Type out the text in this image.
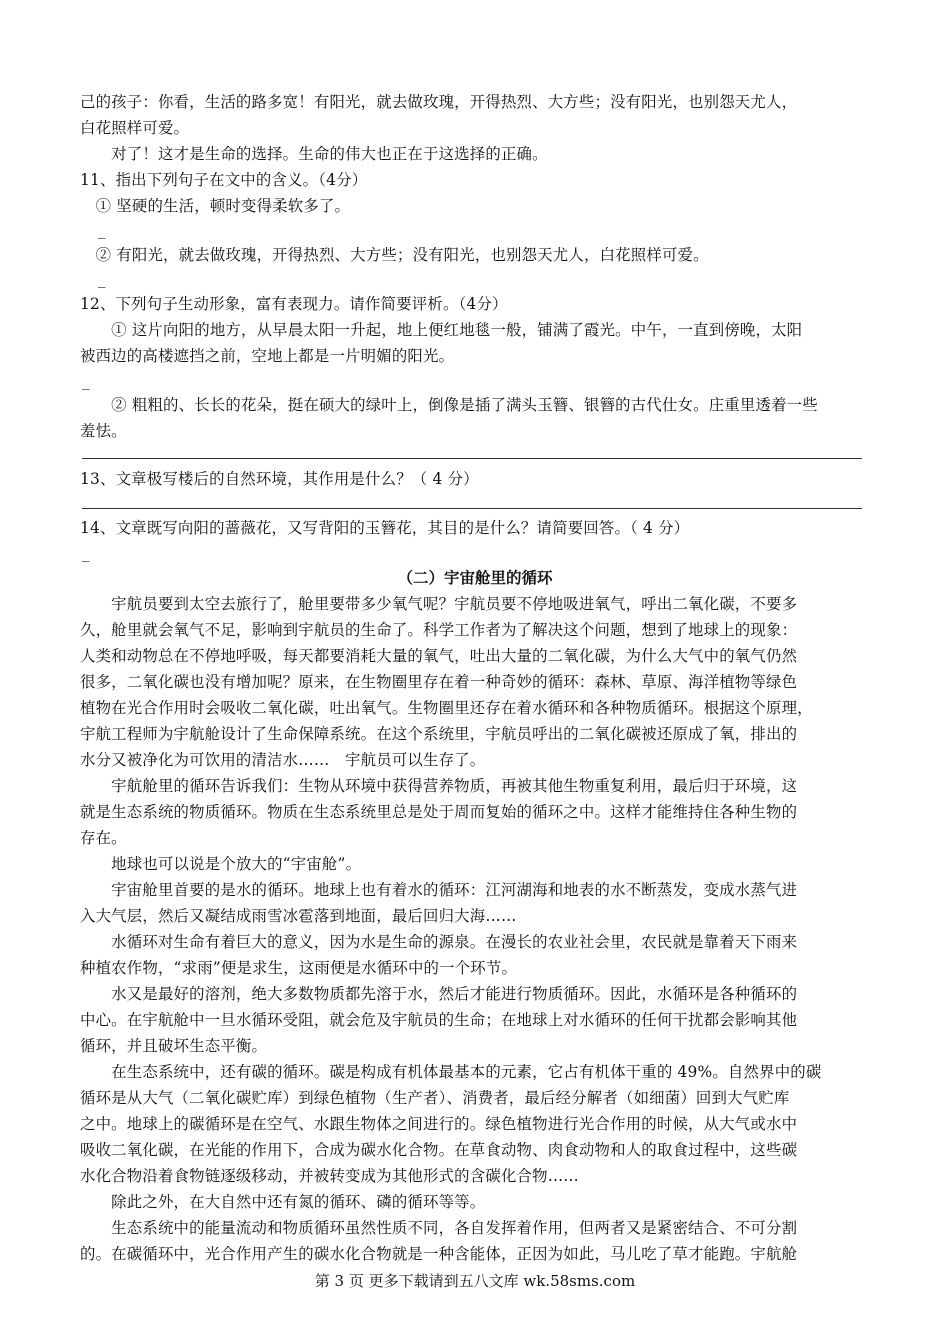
己的孩子：你看，生活的路多宽！有阳光，就去做玫瑰，开得热烈、大方些；没有阳光，也别怨天尤人，
白花照样可爱。
　　对了！这才是生命的选择。生命的伟大也正在于这选择的正确。
11、指出下列句子在文中的含义。（4分）
　① 坚硬的生活，顿时变得柔软多了。
_
　② 有阳光，就去做玫瑰，开得热烈、大方些；没有阳光，也别怨天尤人，白花照样可爱。
_
12、下列句子生动形象，富有表现力。请作简要评析。（4分）
　　① 这片向阳的地方，从早晨太阳一升起，地上便红地毯一般，铺满了霞光。中午，一直到傍晚，太阳
被西边的高楼遮挡之前，空地上都是一片明媚的阳光。
_
　　② 粗粗的、长长的花朵，挺在硕大的绿叶上，倒像是插了满头玉簪、银簪的古代仕女。庄重里透着一些
羞怯。
13、文章极写楼后的自然环境，其作用是什么？（ 4 分）
14、文章既写向阳的蔷薇花，又写背阳的玉簪花，其目的是什么？请简要回答。（ 4 分）
_
（二）宇宙舱里的循环
　　宇航员要到太空去旅行了，舱里要带多少氧气呢？宇航员要不停地吸进氧气，呼出二氧化碳，不要多
久，舱里就会氧气不足，影响到宇航员的生命了。科学工作者为了解决这个问题，想到了地球上的现象：
人类和动物总在不停地呼吸，每天都要消耗大量的氧气，吐出大量的二氧化碳，为什么大气中的氧气仍然
很多，二氧化碳也没有增加呢？原来，在生物圈里存在着一种奇妙的循环：森林、草原、海洋植物等绿色
植物在光合作用时会吸收二氧化碳，吐出氧气。生物圈里还存在着水循环和各种物质循环。根据这个原理，
宇航工程师为宇航舱设计了生命保障系统。在这个系统里，宇航员呼出的二氧化碳被还原成了氧，排出的
水分又被净化为可饮用的清洁水……　宇航员可以生存了。
　　宇航舱里的循环告诉我们：生物从环境中获得营养物质，再被其他生物重复利用，最后归于环境，这
就是生态系统的物质循环。物质在生态系统里总是处于周而复始的循环之中。这样才能维持住各种生物的
存在。
　　地球也可以说是个放大的“宇宙舱”。
　　宇宙舱里首要的是水的循环。地球上也有着水的循环：江河湖海和地表的水不断蒸发，变成水蒸气进
入大气层，然后又凝结成雨雪冰雹落到地面，最后回归大海……
　　水循环对生命有着巨大的意义，因为水是生命的源泉。在漫长的农业社会里，农民就是靠着天下雨来
种植农作物，“求雨”便是求生，这雨便是水循环中的一个环节。
　　水又是最好的溶剂，绝大多数物质都先溶于水，然后才能进行物质循环。因此，水循环是各种循环的
中心。在宇航舱中一旦水循环受阻，就会危及宇航员的生命；在地球上对水循环的任何干扰都会影响其他
循环，并且破坏生态平衡。
　　在生态系统中，还有碳的循环。碳是构成有机体最基本的元素，它占有机体干重的 49%。自然界中的碳
循环是从大气（二氧化碳贮库）到绿色植物（生产者）、消费者，最后经分解者（如细菌）回到大气贮库
之中。地球上的碳循环是在空气、水跟生物体之间进行的。绿色植物进行光合作用的时候，从大气或水中
吸收二氧化碳，在光能的作用下，合成为碳水化合物。在草食动物、肉食动物和人的取食过程中，这些碳
水化合物沿着食物链逐级移动，并被转变成为其他形式的含碳化合物……
　　除此之外，在大自然中还有氮的循环、磷的循环等等。
　　生态系统中的能量流动和物质循环虽然性质不同，各自发挥着作用，但两者又是紧密结合、不可分割
的。在碳循环中，光合作用产生的碳水化合物就是一种含能体，正因为如此，马儿吃了草才能跑。宇航舱
第 3 页 更多下载请到五八文库 wk.58sms.com
